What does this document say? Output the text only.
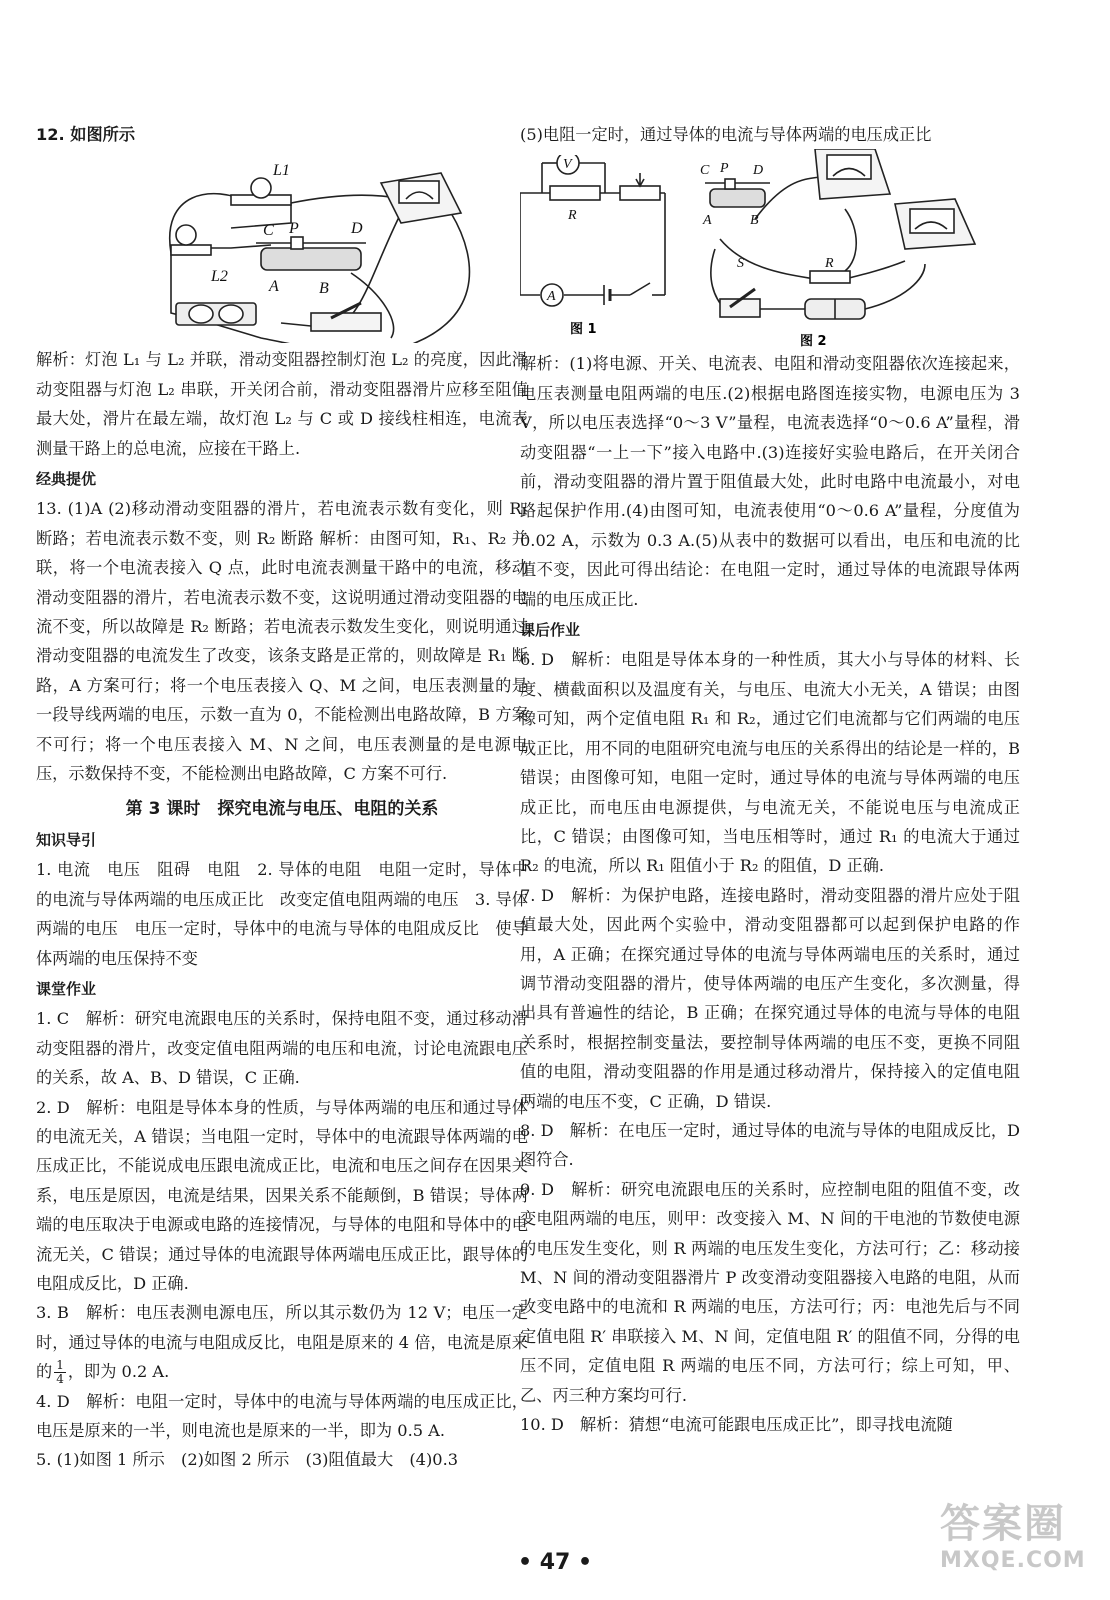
12. 如图所示
L1
L2
C P	D
A	B
解析：灯泡 L₁ 与 L₂ 并联，滑动变阻器控制灯泡 L₂ 的亮度，因此滑动变阻器与灯泡 L₂ 串联，开关闭合前，滑动变阻器滑片应移至阻值最大处，滑片在最左端，故灯泡 L₂ 与 C 或 D 接线柱相连，电流表测量干路上的总电流，应接在干路上.
经典提优
13. (1)A (2)移动滑动变阻器的滑片，若电流表示数有变化，则 R₁ 断路；若电流表示数不变，则 R₂ 断路 解析：由图可知，R₁、R₂ 并联，将一个电流表接入 Q 点，此时电流表测量干路中的电流，移动滑动变阻器的滑片，若电流表示数不变，这说明通过滑动变阻器的电流不变，所以故障是 R₂ 断路；若电流表示数发生变化，则说明通过滑动变阻器的电流发生了改变，该条支路是正常的，则故障是 R₁ 断路，A 方案可行；将一个电压表接入 Q、M 之间，电压表测量的是一段导线两端的电压，示数一直为 0，不能检测出电路故障，B 方案不可行；将一个电压表接入 M、N 之间，电压表测量的是电源电压，示数保持不变，不能检测出电路故障，C 方案不可行.
第 3 课时　探究电流与电压、电阻的关系
知识导引
1. 电流　电压　阻碍　电阻　2. 导体的电阻　电阻一定时，导体中的电流与导体两端的电压成正比　改变定值电阻两端的电压　3. 导体两端的电压　电压一定时，导体中的电流与导体的电阻成反比　使导体两端的电压保持不变
课堂作业
1. C　解析：研究电流跟电压的关系时，保持电阻不变，通过移动滑动变阻器的滑片，改变定值电阻两端的电压和电流，讨论电流跟电压的关系，故 A、B、D 错误，C 正确.
2. D　解析：电阻是导体本身的性质，与导体两端的电压和通过导体的电流无关，A 错误；当电阻一定时，导体中的电流跟导体两端的电压成正比，不能说成电压跟电流成正比，电流和电压之间存在因果关系，电压是原因，电流是结果，因果关系不能颠倒，B 错误；导体两端的电压取决于电源或电路的连接情况，与导体的电阻和导体中的电流无关，C 错误；通过导体的电流跟导体两端电压成正比，跟导体的电阻成反比，D 正确.
3. B　解析：电压表测电源电压，所以其示数仍为 12 V；电压一定时，通过导体的电流与电阻成反比，电阻是原来的 4 倍，电流是原来的 $\frac{1}{4}$ ，即为 0.2 A.
4. D　解析：电阻一定时，导体中的电流与导体两端的电压成正比，电压是原来的一半，则电流也是原来的一半，即为 0.5 A.
5. (1)如图 1 所示　(2)如图 2 所示　(3)阻值最大　(4)0.3
(5)电阻一定时，通过导体的电流与导体两端的电压成正比
V
R
A
图 1
C P D
A	B
R
S
图 2
解析：(1)将电源、开关、电流表、电阻和滑动变阻器依次连接起来，电压表测量电阻两端的电压.(2)根据电路图连接实物，电源电压为 3 V，所以电压表选择“0～3 V”量程，电流表选择“0～0.6 A”量程，滑动变阻器“一上一下”接入电路中.(3)连接好实验电路后，在开关闭合前，滑动变阻器的滑片置于阻值最大处，此时电路中电流最小，对电路起保护作用.(4)由图可知，电流表使用“0～0.6 A”量程，分度值为 0.02 A，示数为 0.3 A.(5)从表中的数据可以看出，电压和电流的比值不变，因此可得出结论：在电阻一定时，通过导体的电流跟导体两端的电压成正比.
课后作业
6. D　解析：电阻是导体本身的一种性质，其大小与导体的材料、长度、横截面积以及温度有关，与电压、电流大小无关，A 错误；由图像可知，两个定值电阻 R₁ 和 R₂，通过它们电流都与它们两端的电压成正比，用不同的电阻研究电流与电压的关系得出的结论是一样的，B 错误；由图像可知，电阻一定时，通过导体的电流与导体两端的电压成正比，而电压由电源提供，与电流无关，不能说电压与电流成正比，C 错误；由图像可知，当电压相等时，通过 R₁ 的电流大于通过 R₂ 的电流，所以 R₁ 阻值小于 R₂ 的阻值，D 正确.
7. D　解析：为保护电路，连接电路时，滑动变阻器的滑片应处于阻值最大处，因此两个实验中，滑动变阻器都可以起到保护电路的作用，A 正确；在探究通过导体的电流与导体两端电压的关系时，通过调节滑动变阻器的滑片，使导体两端的电压产生变化，多次测量，得出具有普遍性的结论，B 正确；在探究通过导体的电流与导体的电阻关系时，根据控制变量法，要控制导体两端的电压不变，更换不同阻值的电阻，滑动变阻器的作用是通过移动滑片，保持接入的定值电阻两端的电压不变，C 正确，D 错误.
8. D　解析：在电压一定时，通过导体的电流与导体的电阻成反比，D 图符合.
9. D　解析：研究电流跟电压的关系时，应控制电阻的阻值不变，改变电阻两端的电压，则甲：改变接入 M、N 间的干电池的节数使电源的电压发生变化，则 R 两端的电压发生变化，方法可行；乙：移动接 M、N 间的滑动变阻器滑片 P 改变滑动变阻器接入电路的电阻，从而改变电路中的电流和 R 两端的电压，方法可行；丙：电池先后与不同定值电阻 R′ 串联接入 M、N 间，定值电阻 R′ 的阻值不同，分得的电压不同，定值电阻 R 两端的电压不同，方法可行；综上可知，甲、乙、丙三种方案均可行.
10. D　解析：猜想“电流可能跟电压成正比”，即寻找电流随
• 47 •
答案圈
MXQE.COM
